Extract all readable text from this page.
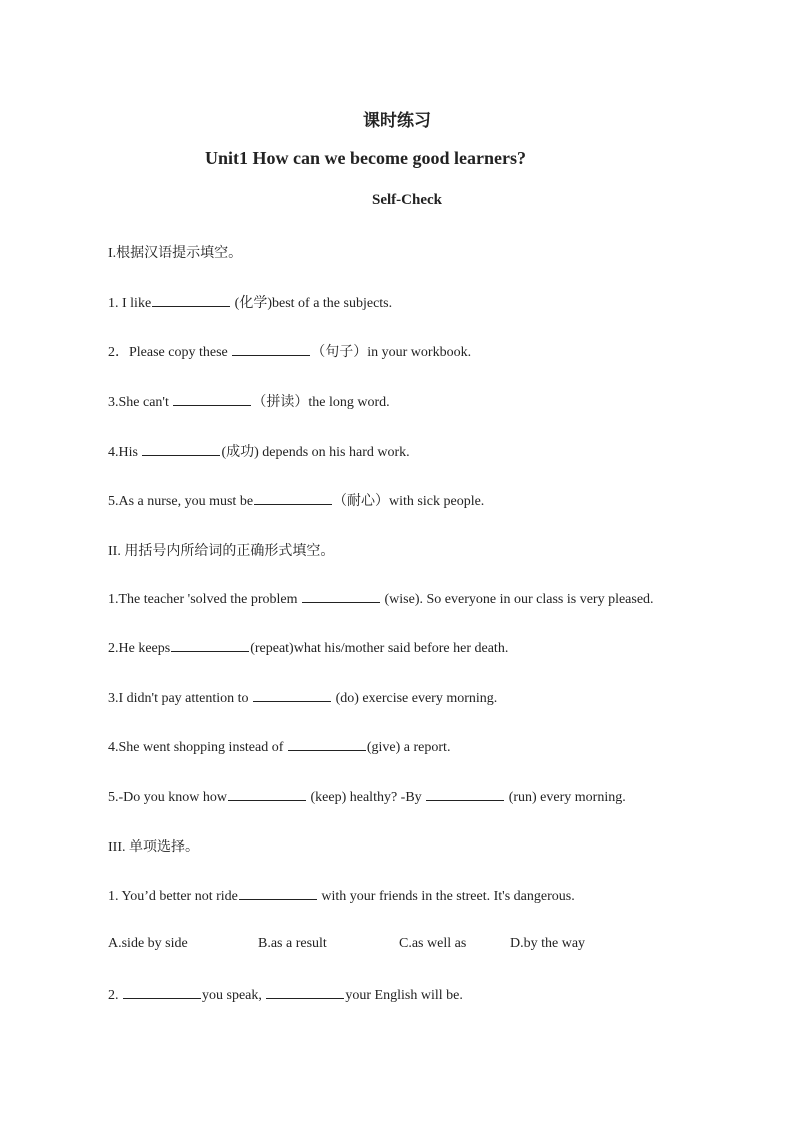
课时练习
Unit1 How can we become good learners?
Self-Check
I.根据汉语提示填空。
1. I like	(化学)best of a the subjects.
2．Please copy these	（句子）in your workbook.
3.She can't	（拼读）the long word.
4.His	(成功) depends on his hard work.
5.As a nurse, you must be	（耐心）with sick people.
II. 用括号内所给词的正确形式填空。
1.The teacher 'solved the problem	(wise). So everyone in our class is very pleased.
2.He keeps	(repeat)what his/mother said before her death.
3.I didn't pay attention to	(do) exercise every morning.
4.She went shopping instead of	(give) a report.
5.-Do you know how	(keep) healthy? -By	(run) every morning.
III. 单项选择。
1. You’d better not ride	with your friends in the street. It's dangerous.
A.side by side	B.as a result	C.as well as	D.by the way
2.	you speak,	your English will be.
